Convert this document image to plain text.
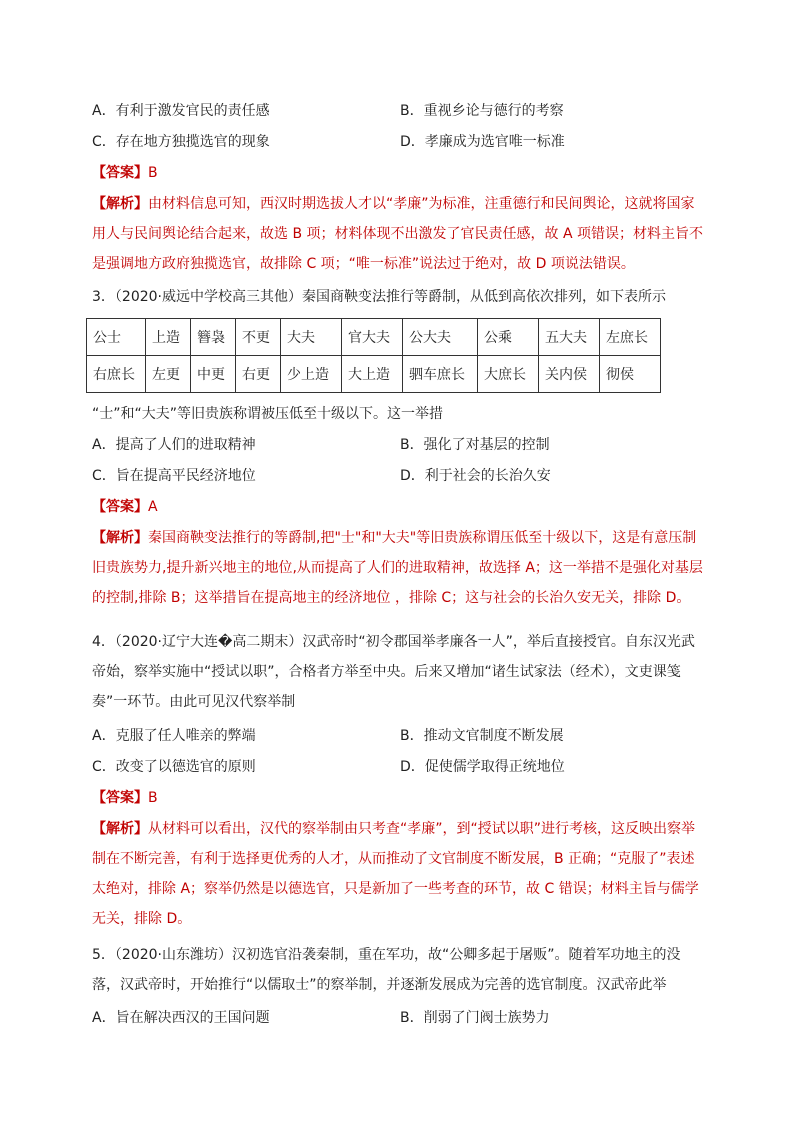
A．有利于激发官民的责任感	B．重视乡论与德行的考察
C．存在地方独揽选官的现象	D．孝廉成为选官唯一标准
【答案】B
【解析】由材料信息可知，西汉时期选拔人才以“孝廉”为标准，注重德行和民间舆论，这就将国家用人与民间舆论结合起来，故选 B 项；材料体现不出激发了官民责任感，故 A 项错误；材料主旨不是强调地方政府独揽选官，故排除 C 项；“唯一标准”说法过于绝对，故 D 项说法错误。
3．（2020·威远中学校高三其他）秦国商鞅变法推行等爵制，从低到高依次排列，如下表所示
公士	上造	簪袅	不更	大夫	官大夫	公大夫	公乘	五大夫	左庶长
右庶长	左更	中更	右更	少上造	大上造	驷车庶长	大庶长	关内侯	彻侯
“士”和“大夫”等旧贵族称谓被压低至十级以下。这一举措
A．提高了人们的进取精神	B．强化了对基层的控制
C．旨在提高平民经济地位	D．利于社会的长治久安
【答案】A
【解析】秦国商鞅变法推行的等爵制,把"士"和"大夫"等旧贵族称谓压低至十级以下，这是有意压制旧贵族势力,提升新兴地主的地位,从而提高了人们的进取精神，故选择 A；这一举措不是强化对基层的控制,排除 B；这举措旨在提高地主的经济地位 ，排除 C；这与社会的长治久安无关，排除 D。
4．（2020·辽宁大连�高二期末）汉武帝时“初令郡国举孝廉各一人”，举后直接授官。自东汉光武帝始，察举实施中“授试以职”，合格者方举至中央。后来又增加“诸生试家法（经术），文吏课笺奏”一环节。由此可见汉代察举制
A．克服了任人唯亲的弊端	B．推动文官制度不断发展
C．改变了以德选官的原则	D．促使儒学取得正统地位
【答案】B
【解析】从材料可以看出，汉代的察举制由只考查“孝廉”，到“授试以职”进行考核，这反映出察举制在不断完善，有利于选择更优秀的人才，从而推动了文官制度不断发展，B 正确；“克服了”表述太绝对，排除 A；察举仍然是以德选官，只是新加了一些考查的环节，故 C 错误；材料主旨与儒学无关，排除 D。
5．（2020·山东潍坊）汉初选官沿袭秦制，重在军功，故“公卿多起于屠贩”。随着军功地主的没落，汉武帝时，开始推行“以儒取士”的察举制，并逐渐发展成为完善的选官制度。汉武帝此举
A．旨在解决西汉的王国问题	B．削弱了门阀士族势力
